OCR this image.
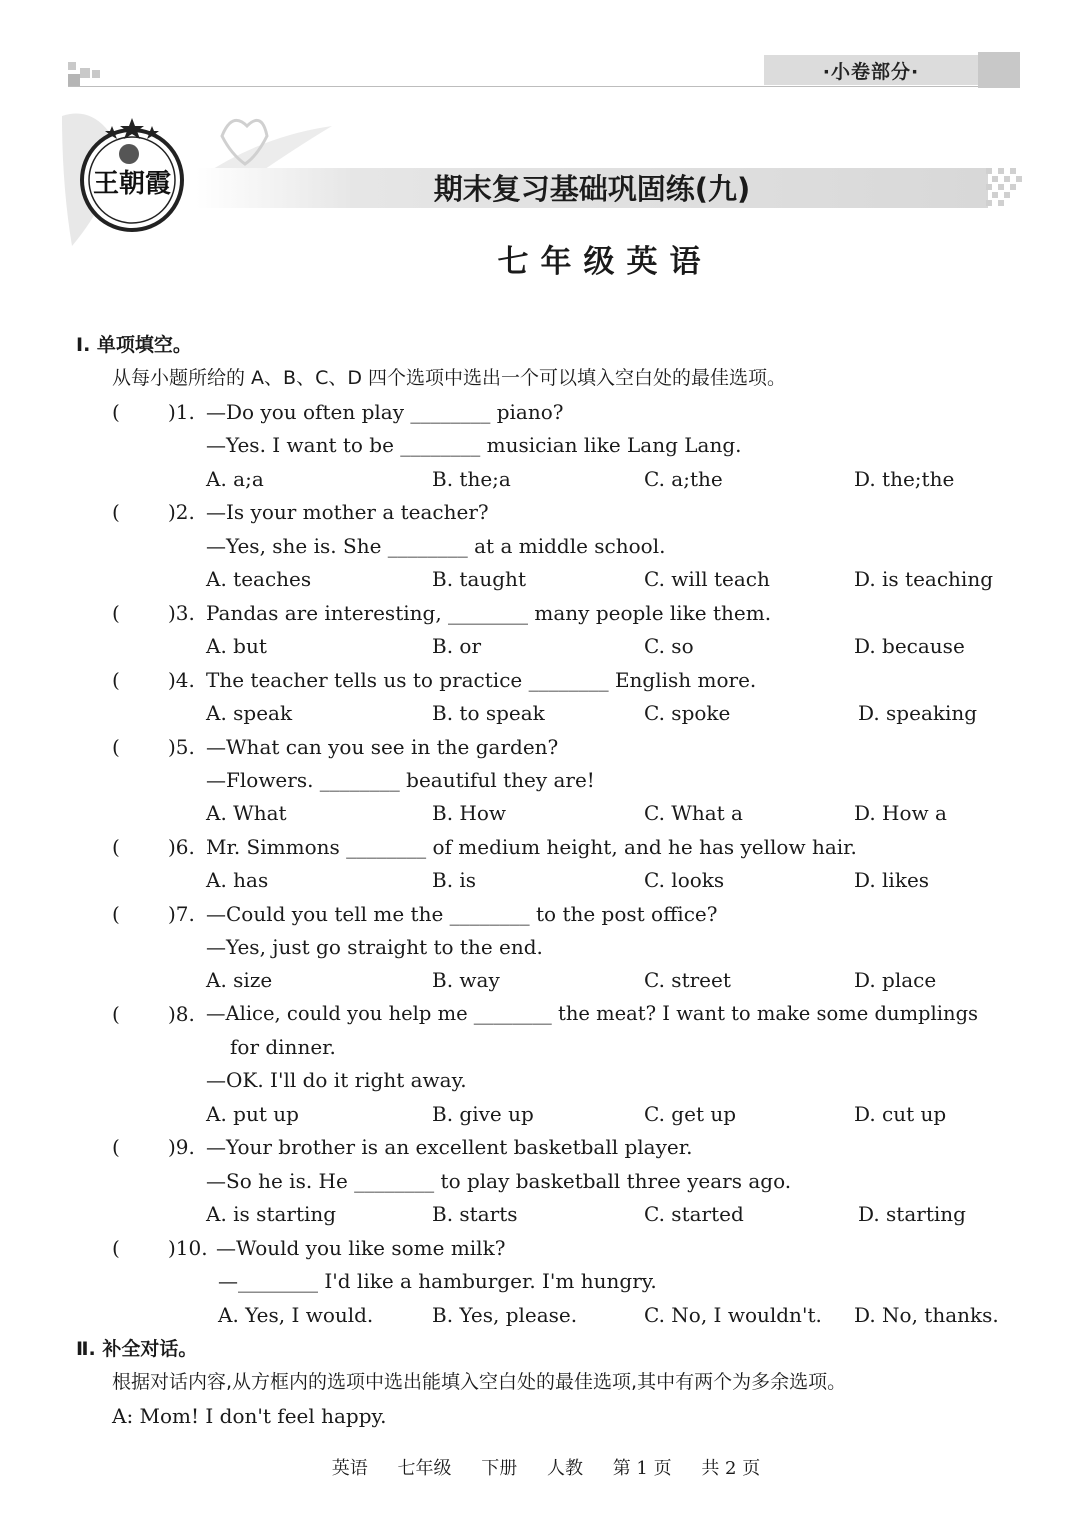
·小卷部分·
王朝霞	期末复习基础巩固练(九)
七年级英语
Ⅰ. 单项填空。
从每小题所给的 A、B、C、D 四个选项中选出一个可以填入空白处的最佳选项。
( )1. —Do you often play ________ piano?
—Yes. I want to be ________ musician like Lang Lang.
A. a;a	B. the;a	C. a;the	D. the;the
( )2. —Is your mother a teacher?
—Yes, she is. She ________ at a middle school.
A. teaches	B. taught	C. will teach	D. is teaching
( )3. Pandas are interesting, ________ many people like them.
A. but	B. or	C. so	D. because
( )4. The teacher tells us to practice ________ English more.
A. speak	B. to speak	C. spoke	D. speaking
( )5. —What can you see in the garden?
—Flowers. ________ beautiful they are!
A. What	B. How	C. What a	D. How a
( )6. Mr. Simmons ________ of medium height, and he has yellow hair.
A. has	B. is	C. looks	D. likes
( )7. —Could you tell me the ________ to the post office?
—Yes, just go straight to the end.
A. size	B. way	C. street	D. place
( )8. —Alice, could you help me ________ the meat? I want to make some dumplings
for dinner.
—OK. I'll do it right away.
A. put up	B. give up	C. get up	D. cut up
( )9. —Your brother is an excellent basketball player.
—So he is. He ________ to play basketball three years ago.
A. is starting	B. starts	C. started	D. starting
( )10. —Would you like some milk?
—________ I'd like a hamburger. I'm hungry.
A. Yes, I would.	B. Yes, please.	C. No, I wouldn't. D. No, thanks.
Ⅱ. 补全对话。
根据对话内容,从方框内的选项中选出能填入空白处的最佳选项,其中有两个为多余选项。
A: Mom! I don't feel happy.
英语 七年级 下册 人教 第 1 页 共 2 页
